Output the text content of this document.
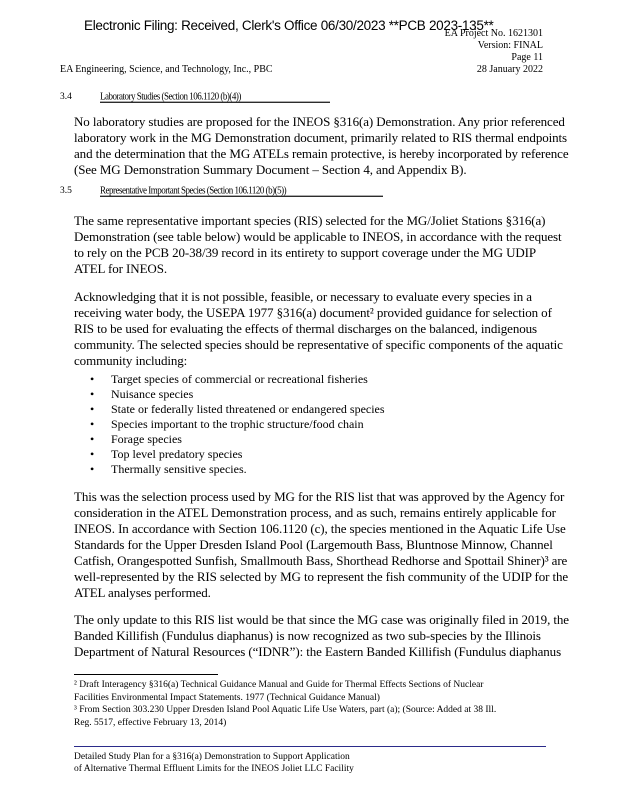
Electronic Filing: Received, Clerk's Office 06/30/2023 **PCB 2023-135**
EA Project No. 1621301
Version: FINAL
Page 11
28 January 2022
EA Engineering, Science, and Technology, Inc., PBC
3.4	Laboratory Studies (Section 106.1120 (b)(4))
No laboratory studies are proposed for the INEOS §316(a) Demonstration. Any prior referenced
laboratory work in the MG Demonstration document, primarily related to RIS thermal endpoints
and the determination that the MG ATELs remain protective, is hereby incorporated by reference
(See MG Demonstration Summary Document – Section 4, and Appendix B).
3.5	Representative Important Species (Section 106.1120 (b)(5))
The same representative important species (RIS) selected for the MG/Joliet Stations §316(a)
Demonstration (see table below) would be applicable to INEOS, in accordance with the request
to rely on the PCB 20-38/39 record in its entirety to support coverage under the MG UDIP
ATEL for INEOS.
Acknowledging that it is not possible, feasible, or necessary to evaluate every species in a
receiving water body, the USEPA 1977 §316(a) document² provided guidance for selection of
RIS to be used for evaluating the effects of thermal discharges on the balanced, indigenous
community. The selected species should be representative of specific components of the aquatic
community including:
• Target species of commercial or recreational fisheries
• Nuisance species
• State or federally listed threatened or endangered species
• Species important to the trophic structure/food chain
• Forage species
• Top level predatory species
• Thermally sensitive species.
This was the selection process used by MG for the RIS list that was approved by the Agency for
consideration in the ATEL Demonstration process, and as such, remains entirely applicable for
INEOS. In accordance with Section 106.1120 (c), the species mentioned in the Aquatic Life Use
Standards for the Upper Dresden Island Pool (Largemouth Bass, Bluntnose Minnow, Channel
Catfish, Orangespotted Sunfish, Smallmouth Bass, Shorthead Redhorse and Spottail Shiner)³ are
well-represented by the RIS selected by MG to represent the fish community of the UDIP for the
ATEL analyses performed.
The only update to this RIS list would be that since the MG case was originally filed in 2019, the
Banded Killifish (Fundulus diaphanus) is now recognized as two sub-species by the Illinois
Department of Natural Resources (“IDNR”): the Eastern Banded Killifish (Fundulus diaphanus
² Draft Interagency §316(a) Technical Guidance Manual and Guide for Thermal Effects Sections of Nuclear
Facilities Environmental Impact Statements. 1977 (Technical Guidance Manual)
³ From Section 303.230 Upper Dresden Island Pool Aquatic Life Use Waters, part (a); (Source: Added at 38 Ill.
Reg. 5517, effective February 13, 2014)
Detailed Study Plan for a §316(a) Demonstration to Support Application
of Alternative Thermal Effluent Limits for the INEOS Joliet LLC Facility
